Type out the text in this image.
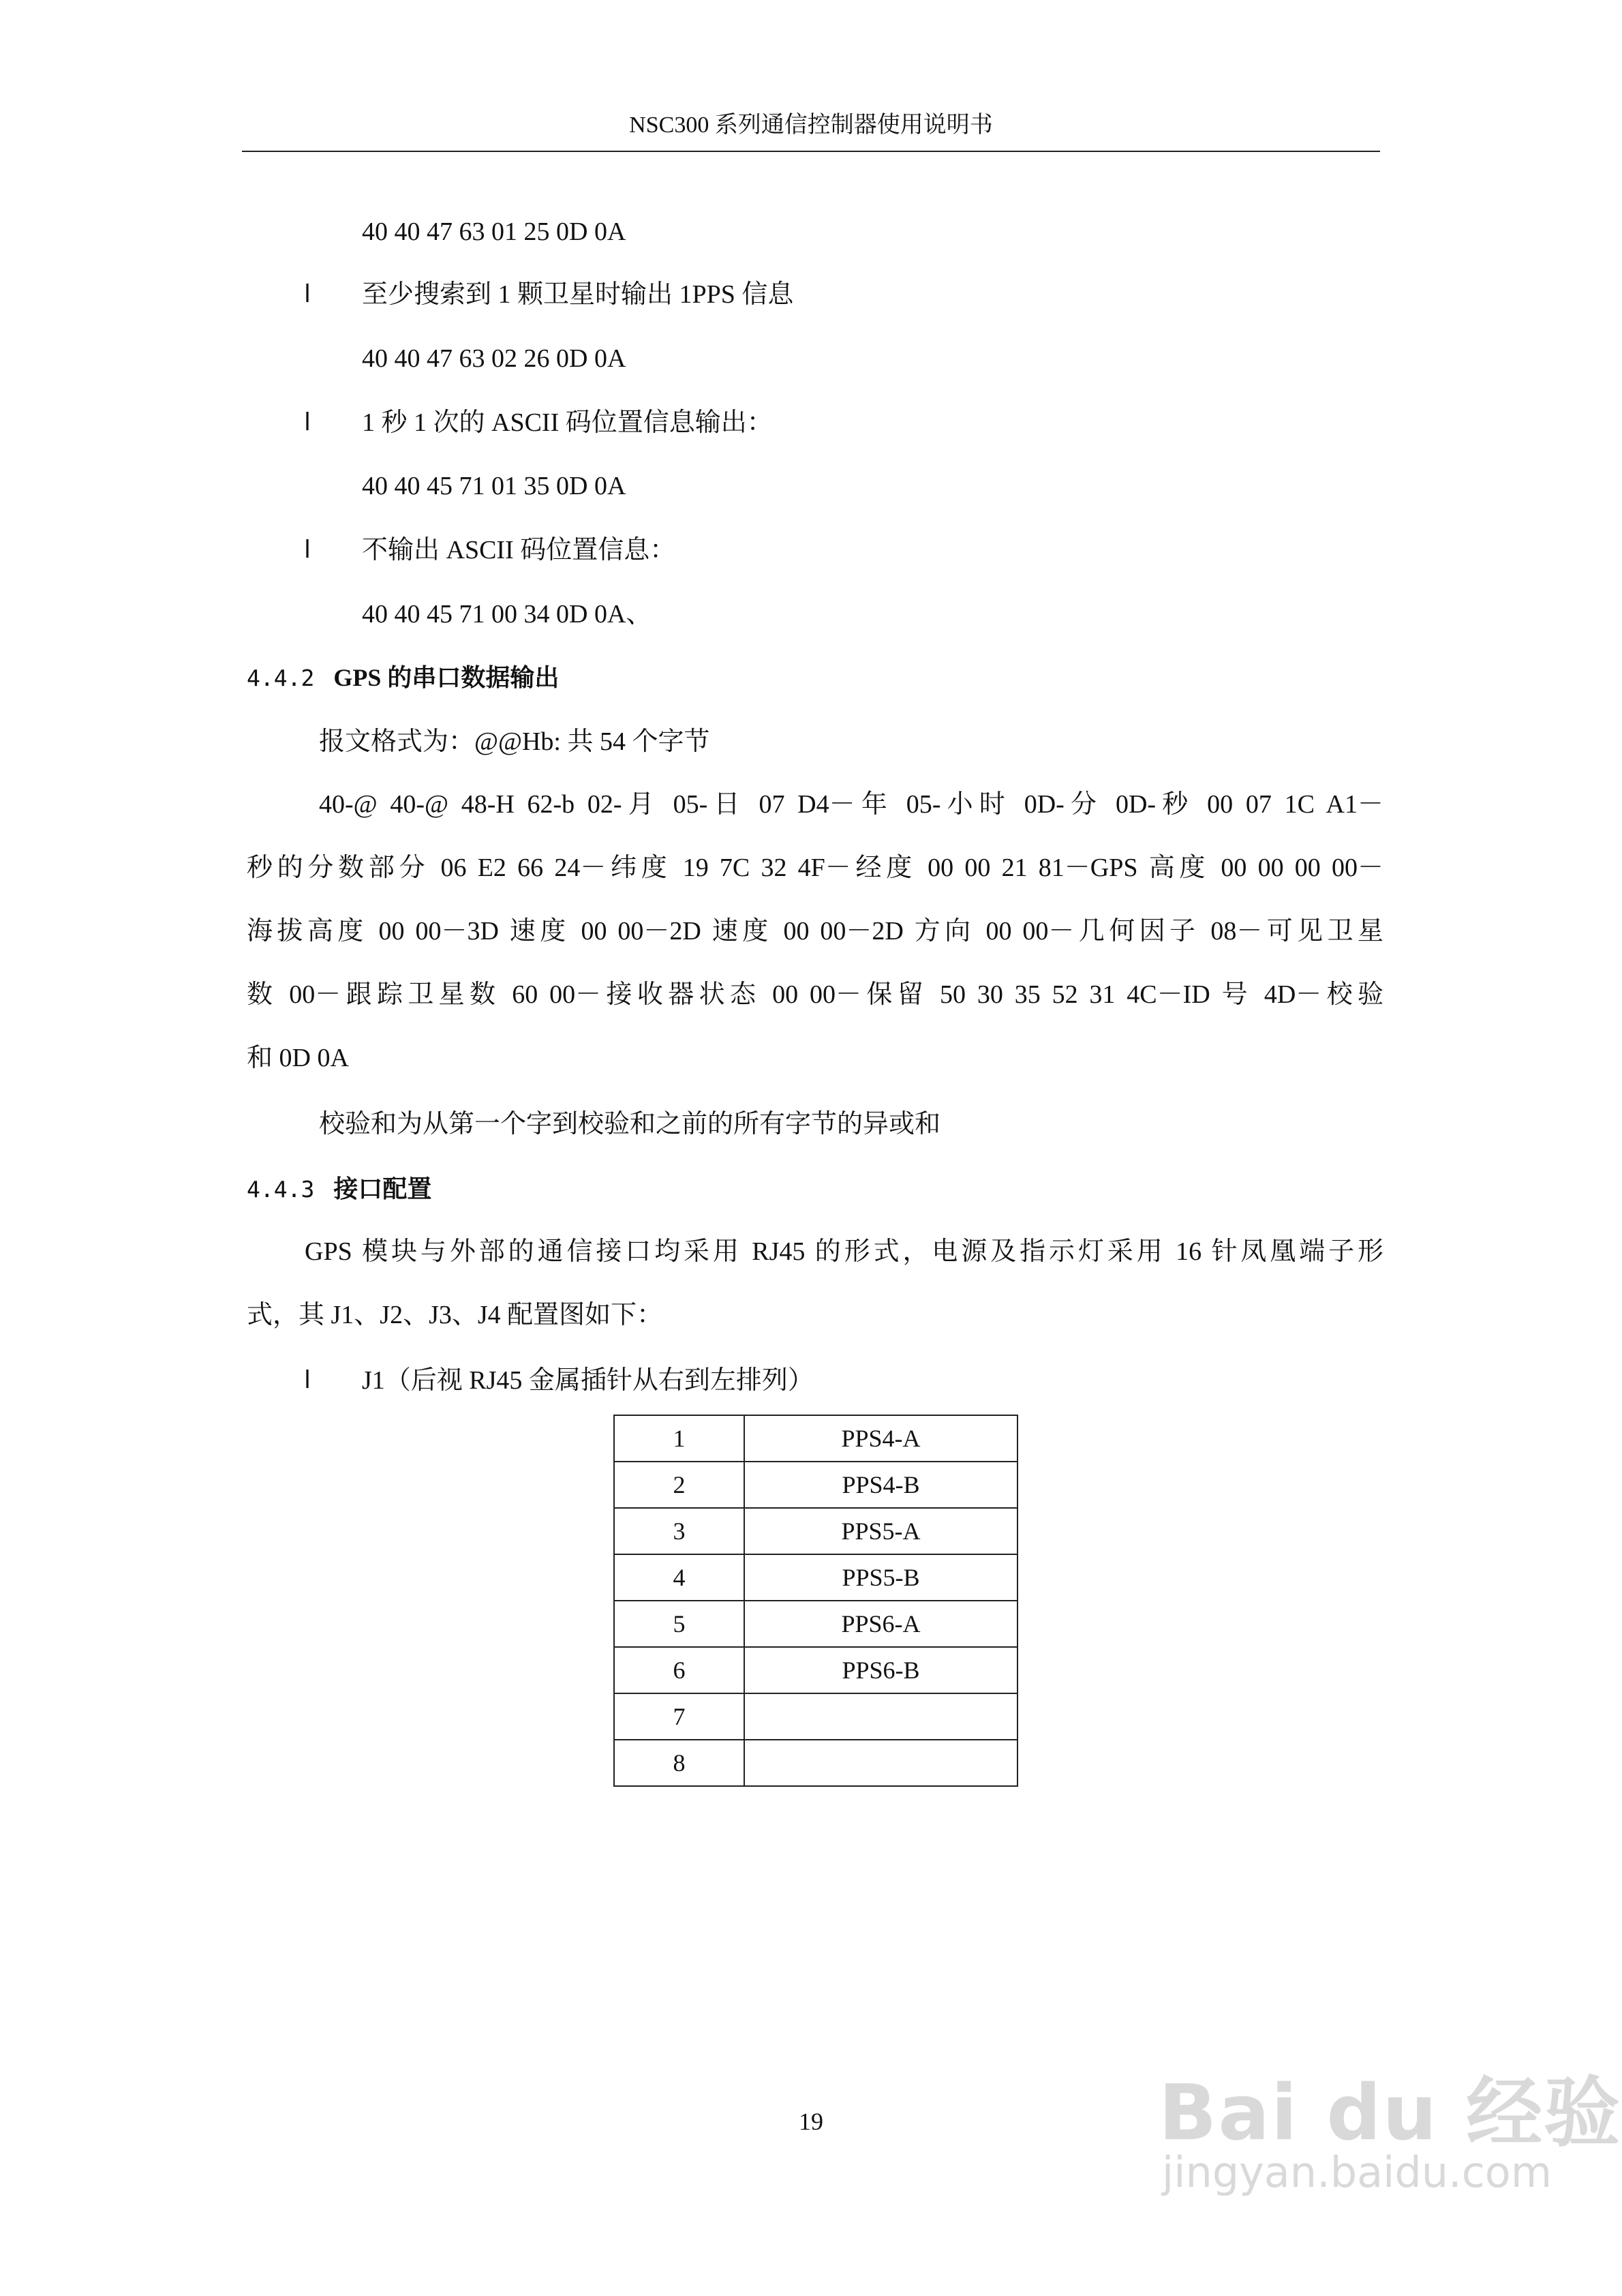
NSC300 系列通信控制器使用说明书
40 40 47 63 01 25 0D 0A
l 至少搜索到 1 颗卫星时输出 1PPS 信息
40 40 47 63 02 26 0D 0A
l 1 秒 1 次的 ASCII 码位置信息输出：
40 40 45 71 01 35 0D 0A
l 不输出 ASCII 码位置信息：
40 40 45 71 00 34 0D 0A、
4.4.2 GPS 的串口数据输出
报文格式为：@@Hb: 共 54 个字节
40-@ 40-@ 48-H 62-b 02-月 05-日 07 D4－年 05-小时 0D-分 0D-秒 00 07 1C A1－
秒的分数部分 06 E2 66 24－纬度 19 7C 32 4F－经度 00 00 21 81－GPS 高度 00 00 00 00－
海拔高度 00 00－3D 速度 00 00－2D 速度 00 00－2D 方向 00 00－几何因子 08－可见卫星
数 00－跟踪卫星数 60 00－接收器状态 00 00－保留 50 30 35 52 31 4C－ID 号 4D－校验
和 0D 0A
校验和为从第一个字到校验和之前的所有字节的异或和
4.4.3 接口配置
GPS 模块与外部的通信接口均采用 RJ45 的形式，电源及指示灯采用 16 针凤凰端子形
式，其 J1、J2、J3、J4 配置图如下：
l J1（后视 RJ45 金属插针从右到左排列）
1	PPS4-A
2	PPS4-B
3	PPS5-A
4	PPS5-B
5	PPS6-A
6	PPS6-B
7	
8	
19	Bai du 经验
jingyan.baidu.com
